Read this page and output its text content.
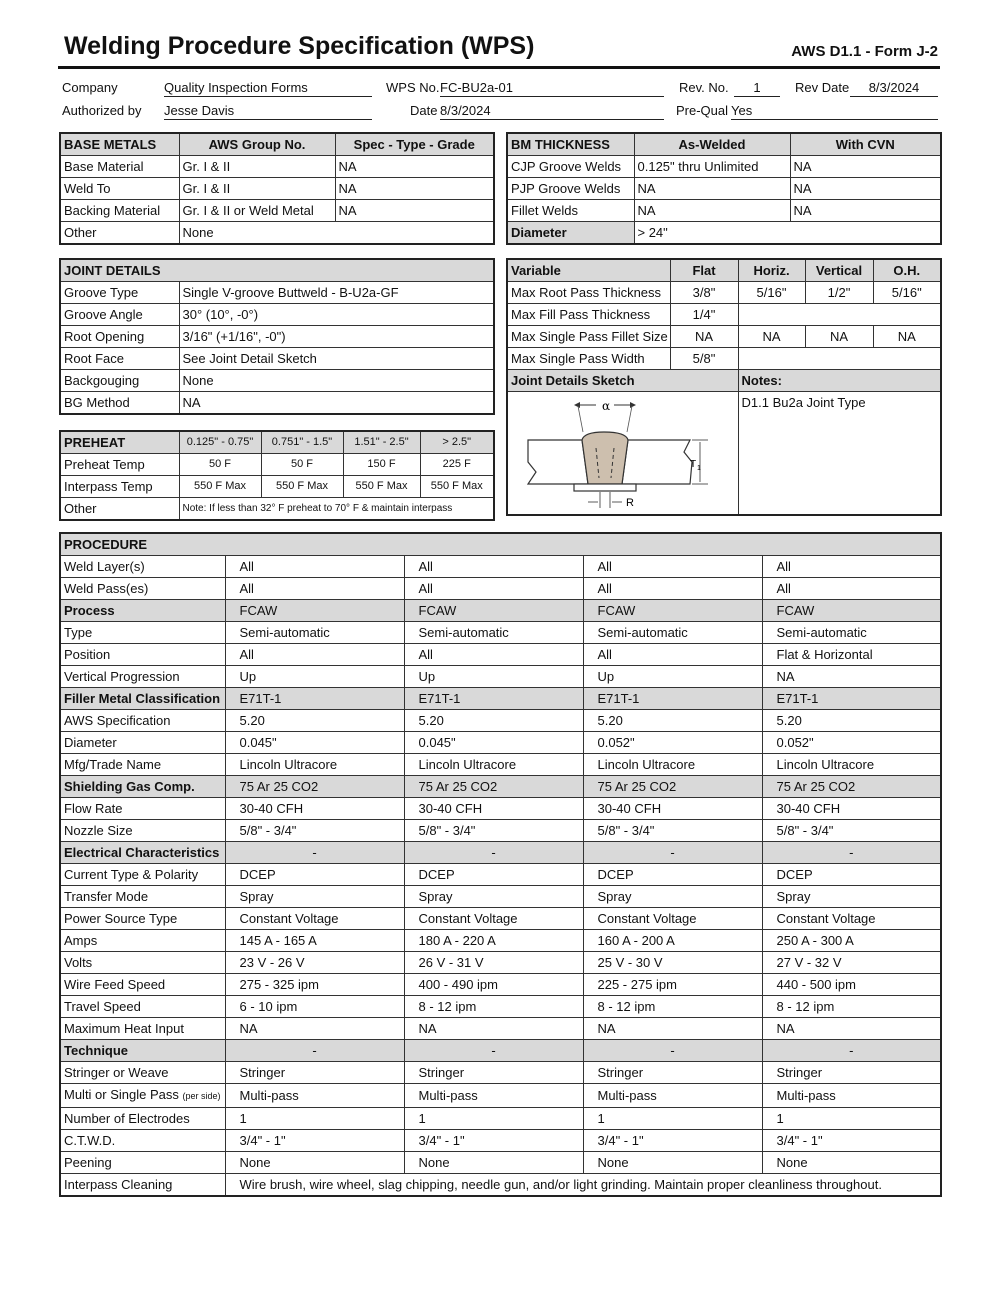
Welding Procedure Specification (WPS)	AWS D1.1 - Form J-2
Company	Quality Inspection Forms	WPS No. FC-BU2a-01	Rev. No.	1	Rev Date	8/3/2024
Authorized by Jesse Davis	Date 8/3/2024	Pre-Qual Yes
BASE METALS	AWS Group No.	Spec - Type - Grade
Base Material	Gr. I & II	NA
Weld To	Gr. I & II	NA
Backing Material	Gr. I & II or Weld Metal	NA
Other	None	
BM THICKNESS	As-Welded	With CVN
CJP Groove Welds	0.125" thru Unlimited	NA
PJP Groove Welds	NA	NA
Fillet Welds	NA	NA
Diameter	> 24"	
JOINT DETAILS	
Groove Type	Single V-groove Buttweld - B-U2a-GF
Groove Angle	30° (10°, -0°)
Root Opening	3/16" (+1/16", -0")
Root Face	See Joint Detail Sketch
Backgouging	None
BG Method	NA
Variable	Flat	Horiz.	Vertical	O.H.
Max Root Pass Thickness	3/8"	5/16"	1/2"	5/16"
Max Fill Pass Thickness	1/4"			
Max Single Pass Fillet Size	NA	NA	NA	NA
Max Single Pass Width	5/8"			
Joint Details Sketch		Notes:		

α
T 1
R		D1.1 Bu2a Joint Type		
PREHEAT	0.125" - 0.75"	0.751" - 1.5"	1.51" - 2.5"	> 2.5"
Preheat Temp	50 F	50 F	150 F	225 F
Interpass Temp	550 F Max	550 F Max	550 F Max	550 F Max
Other	Note: If less than 32° F preheat to 70° F & maintain interpass			
PROCEDURE				
Weld Layer(s)	All	All	All	All
Weld Pass(es)	All	All	All	All
Process	FCAW	FCAW	FCAW	FCAW
Type	Semi-automatic	Semi-automatic	Semi-automatic	Semi-automatic
Position	All	All	All	Flat & Horizontal
Vertical Progression	Up	Up	Up	NA
Filler Metal Classification	E71T-1	E71T-1	E71T-1	E71T-1
AWS Specification	5.20	5.20	5.20	5.20
Diameter	0.045"	0.045"	0.052"	0.052"
Mfg/Trade Name	Lincoln Ultracore	Lincoln Ultracore	Lincoln Ultracore	Lincoln Ultracore
Shielding Gas Comp.	75 Ar 25 CO2	75 Ar 25 CO2	75 Ar 25 CO2	75 Ar 25 CO2
Flow Rate	30-40 CFH	30-40 CFH	30-40 CFH	30-40 CFH
Nozzle Size	5/8" - 3/4"	5/8" - 3/4"	5/8" - 3/4"	5/8" - 3/4"
Electrical Characteristics	-	-	-	-
Current Type & Polarity	DCEP	DCEP	DCEP	DCEP
Transfer Mode	Spray	Spray	Spray	Spray
Power Source Type	Constant Voltage	Constant Voltage	Constant Voltage	Constant Voltage
Amps	145 A - 165 A	180 A - 220 A	160 A - 200 A	250 A - 300 A
Volts	23 V - 26 V	26 V - 31 V	25 V - 30 V	27 V - 32 V
Wire Feed Speed	275 - 325 ipm	400 - 490 ipm	225 - 275 ipm	440 - 500 ipm
Travel Speed	6 - 10 ipm	8 - 12 ipm	8 - 12 ipm	8 - 12 ipm
Maximum Heat Input	NA	NA	NA	NA
Technique	-	-	-	-
Stringer or Weave	Stringer	Stringer	Stringer	Stringer
Multi or Single Pass (per side)	Multi-pass	Multi-pass	Multi-pass	Multi-pass
Number of Electrodes	1	1	1	1
C.T.W.D.	3/4" - 1"	3/4" - 1"	3/4" - 1"	3/4" - 1"
Peening	None	None	None	None
Interpass Cleaning	Wire brush, wire wheel, slag chipping, needle gun, and/or light grinding. Maintain proper cleanliness throughout.			
